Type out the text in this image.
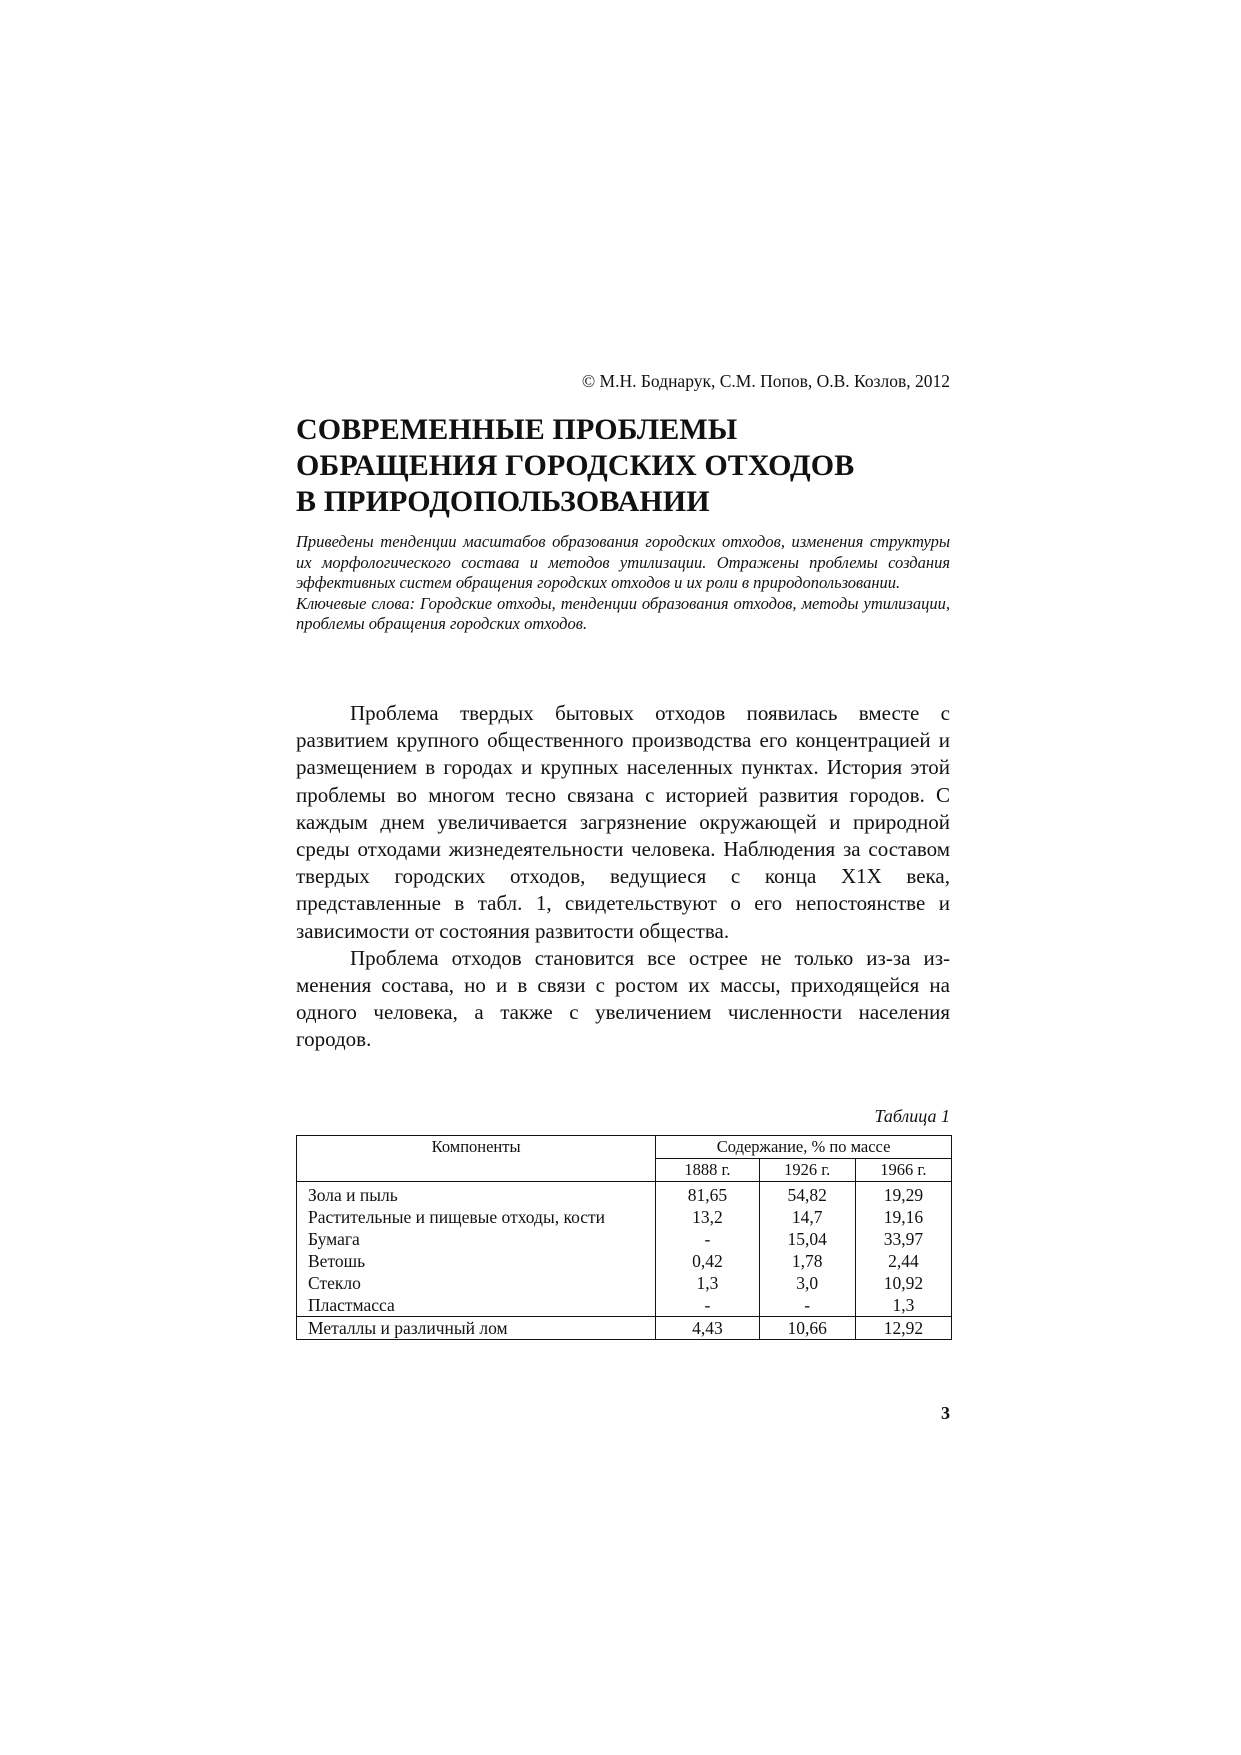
© М.Н. Боднарук, С.М. Попов, О.В. Козлов, 2012
СОВРЕМЕННЫЕ ПРОБЛЕМЫ
ОБРАЩЕНИЯ ГОРОДСКИХ ОТХОДОВ
В ПРИРОДОПОЛЬЗОВАНИИ

Приведены тенденции масштабов образования городских отходов, изменения структуры их морфологического состава и методов утилизации. Отражены проблемы создания эффективных систем обращения городских отходов и их роли в природопользовании.

Ключевые слова: Городские отходы, тенденции образования отходов, методы утилизации, проблемы обращения городских отходов.

Проблема твердых бытовых отходов появилась вместе с развитием крупного общественного производства его концентрацией и размещением в городах и крупных населенных пунктах. История этой проблемы во многом тесно связана с историей развития городов. С каждым днем увеличивается загрязнение окружающей и природной среды отходами жизнедеятельности человека. Наблюдения за составом твердых городских отходов, ведущиеся с конца Х1Х века, представленные в табл. 1, свидетельствуют о его непостоянстве и зависимости от состояния развитости общества.

Проблема отходов становится все острее не только из-за изменения состава, но и в связи с ростом их массы, приходящейся на одного человека, а также с увеличением численности населения городов.

Таблица 1
Компоненты	Содержание, % по массе		
	1888 г.	1926 г.	1966 г.
Зола и пыль	81,65	54,82	19,29
Растительные и пищевые отходы, кости	13,2	14,7	19,16
Бумага	-	15,04	33,97
Ветошь	0,42	1,78	2,44
Стекло	1,3	3,0	10,92
Пластмасса	-	-	1,3
Металлы и различный лом	4,43	10,66	12,92
3
